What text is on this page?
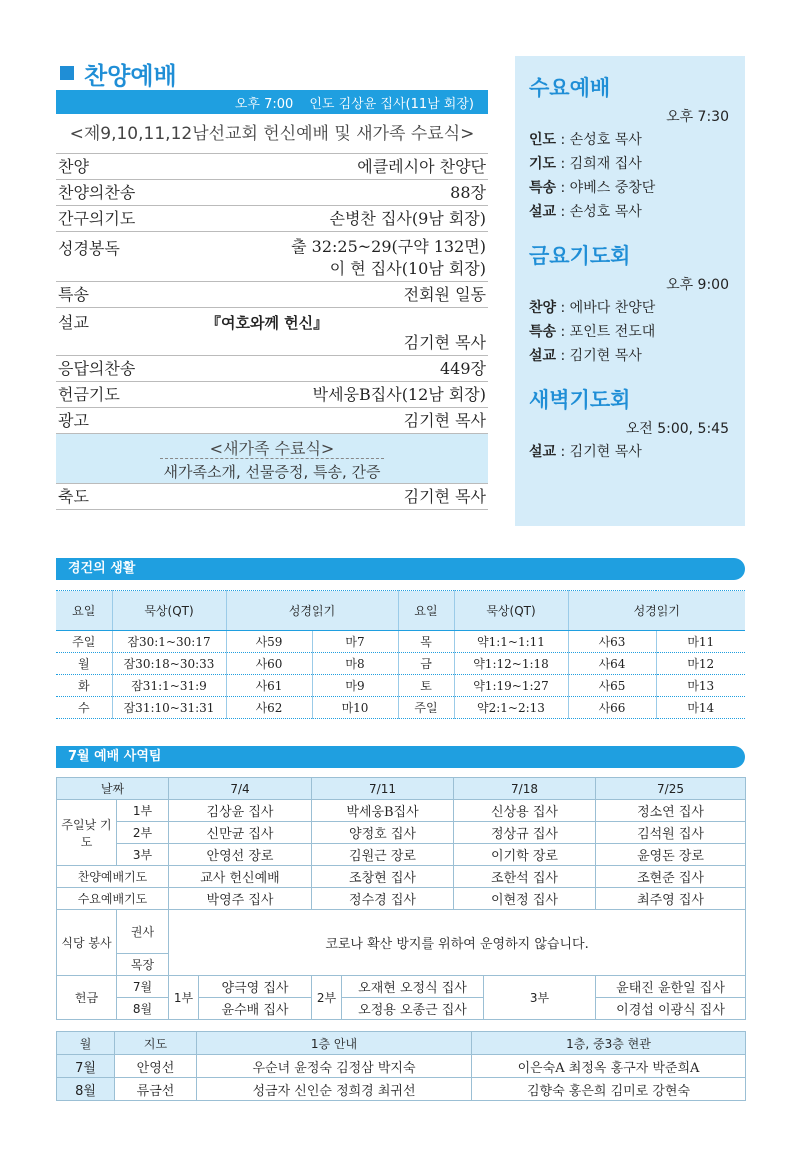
찬양예배
오후 7:00 인도 김상윤 집사(11남 회장)
<제9,10,11,12남선교회 헌신예배 및 새가족 수료식>
찬양	에클레시아 찬양단
찬양의찬송	88장
간구의기도	손병찬 집사(9남 회장)
성경봉독	출 32:25~29(구약 132면)
이 현 집사(10남 회장)
특송	전회원 일동
설교	『여호와께 헌신』
김기현 목사
응답의찬송	449장
헌금기도	박세웅B집사(12남 회장)
광고	김기현 목사
<새가족 수료식>
새가족소개, 선물증정, 특송, 간증
축도	김기현 목사
수요예배
오후 7:30
인도 : 손성호 목사
기도 : 김희재 집사
특송 : 야베스 중창단
설교 : 손성호 목사
금요기도회
오후 9:00
찬양 : 에바다 찬양단
특송 : 포인트 전도대
설교 : 김기현 목사
새벽기도회
오전 5:00, 5:45
설교 : 김기현 목사
경건의 생활
요일	묵상(QT)	성경읽기		요일	묵상(QT)	성경읽기	
주일	잠30:1~30:17	사59	마7	목	약1:1~1:11	사63	마11
월	잠30:18~30:33	사60	마8	금	약1:12~1:18	사64	마12
화	잠31:1~31:9	사61	마9	토	약1:19~1:27	사65	마13
수	잠31:10~31:31	사62	마10	주일	약2:1~2:13	사66	마14
7월 예배 사역팀
날짜		7/4		7/11		7/18		7/25
주일낮 기도	1부	김상윤 집사		박세웅B집사		신상용 집사		정소연 집사
	2부	신만균 집사		양정호 집사		정상규 집사		김석원 집사
	3부	안영선 장로		김원근 장로		이기학 장로		윤영돈 장로
찬양예배기도		교사 헌신예배		조창현 집사		조한석 집사		조현준 집사
수요예배기도		박영주 집사		정수경 집사		이현정 집사		최주영 집사
식당 봉사	권사	코로나 확산 방지를 위하여 운영하지 않습니다.						
	목장							
헌금	7월	1부	양극영 집사	2부	오재현 오정식 집사		3부	윤태진 윤한일 집사
	8월		윤수배 집사		오정용 오종근 집사			이경섭 이광식 집사
월	지도	1층 안내	1층, 중3층 현관
7월	안영선	우순녀 윤정숙 김정삼 박지숙	이은숙A 최정옥 홍구자 박준희A
8월	류금선	성금자 신인순 정희경 최귀선	김향숙 홍은희 김미로 강현숙
